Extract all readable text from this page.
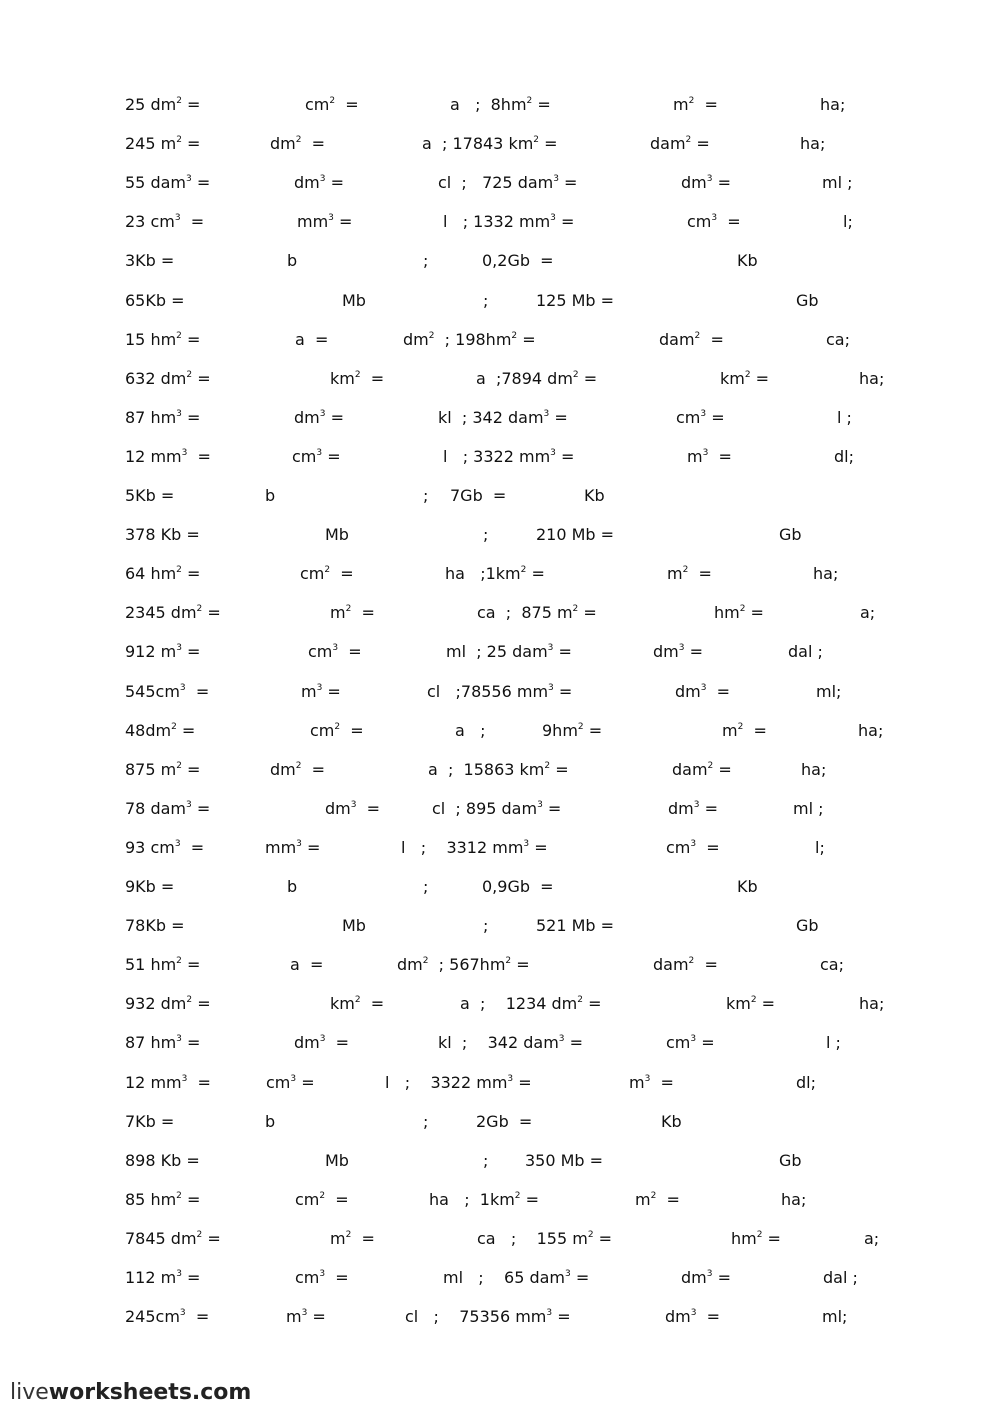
25 $dm^2$ =	$cm^2$  =	a   ;  $8hm^2$ =	$m^2$  =	ha;
245 $m^2$ =	$dm^2$  =	a  ; 17843 $km^2$ =	dam$^2$ =	ha;
55 dam$^3$ =	$dm^3$ =	cl  ;   725 dam$^3$ =	$dm^3$ =	ml ;
23 $cm^3$  =	$mm^3$ =	l   ; 1332 $mm^3$ =	$cm^3$  =	l;
3Kb =	b	;	0,2Gb  =	Kb
65Kb =	Mb	;	125 Mb =	Gb
15 $hm^2$ =	a  =	$dm^2$  ; $198hm^2$ =	dam$^2$  =	ca;
632 $dm^2$ =	$km^2$  =	a  ;7894 $dm^2$ =	$km^2$ =	ha;
87 $hm^3$ =	$dm^3$ =	kl  ; 342 dam$^3$ =	$cm^3$ =	l ;
12 $mm^3$  =	$cm^3$ =	l   ; 3322 $mm^3$ =	$m^3$  =	dl;
5Kb =	b	; 7Gb  =	Kb
378 Kb =	Mb	;	210 Mb =	Gb
64 $hm^2$ =	$cm^2$  =	ha   $;1km^2$ =	$m^2$  =	ha;
2345 $dm^2$ =	$m^2$  =	ca  ;  875 $m^2$ =	$hm^2$ =	a;
912 $m^3$ =	$cm^3$  =	ml  ; 25 dam$^3$ =	$dm^3$ =	dal ;
$545cm^3$  =	$m^3$ =	cl   ;78556 $mm^3$ =	$dm^3$  =	ml;
$48dm^2$ =	$cm^2$  =	a   ;	$9hm^2$ =	$m^2$  =	ha;
875 $m^2$ =	$dm^2$  =	a  ;  15863 $km^2$ =	dam$^2$ =	ha;
78 dam$^3$ =	$dm^3$  =	cl  ; 895 dam$^3$ =	$dm^3$ =	ml ;
93 $cm^3$  =	$mm^3$ =	l   ;    3312 $mm^3$ =	$cm^3$  =	l;
9Kb =	b	;	0,9Gb  =	Kb
78Kb =	Mb	;	521 Mb =	Gb
51 $hm^2$ =	a  =	$dm^2$  ; $567hm^2$ =	dam$^2$  =	ca;
932 $dm^2$ =	$km^2$  =	a  ;    1234 $dm^2$ =	$km^2$ =	ha;
87 $hm^3$ =	$dm^3$  =	kl  ;    342 dam$^3$ =	$cm^3$ =	l ;
12 $mm^3$  =	$cm^3$ =	l   ;    3322 $mm^3$ =	$m^3$  =	dl;
7Kb =	b	;	2Gb  =	Kb
898 Kb =	Mb	; 350 Mb =	Gb
85 $hm^2$ =	$cm^2$  =	ha   ;  $1km^2$ =	$m^2$  =	ha;
7845 $dm^2$ =	$m^2$  =	ca   ;    155 $m^2$ =	$hm^2$ =	a;
112 $m^3$ =	$cm^3$  =	ml   ;    65 dam$^3$ =	$dm^3$ =	dal ;
$245cm^3$  =	$m^3$ =	cl   ;    75356 $mm^3$ =	$dm^3$  =	ml;
liveworksheets.com
